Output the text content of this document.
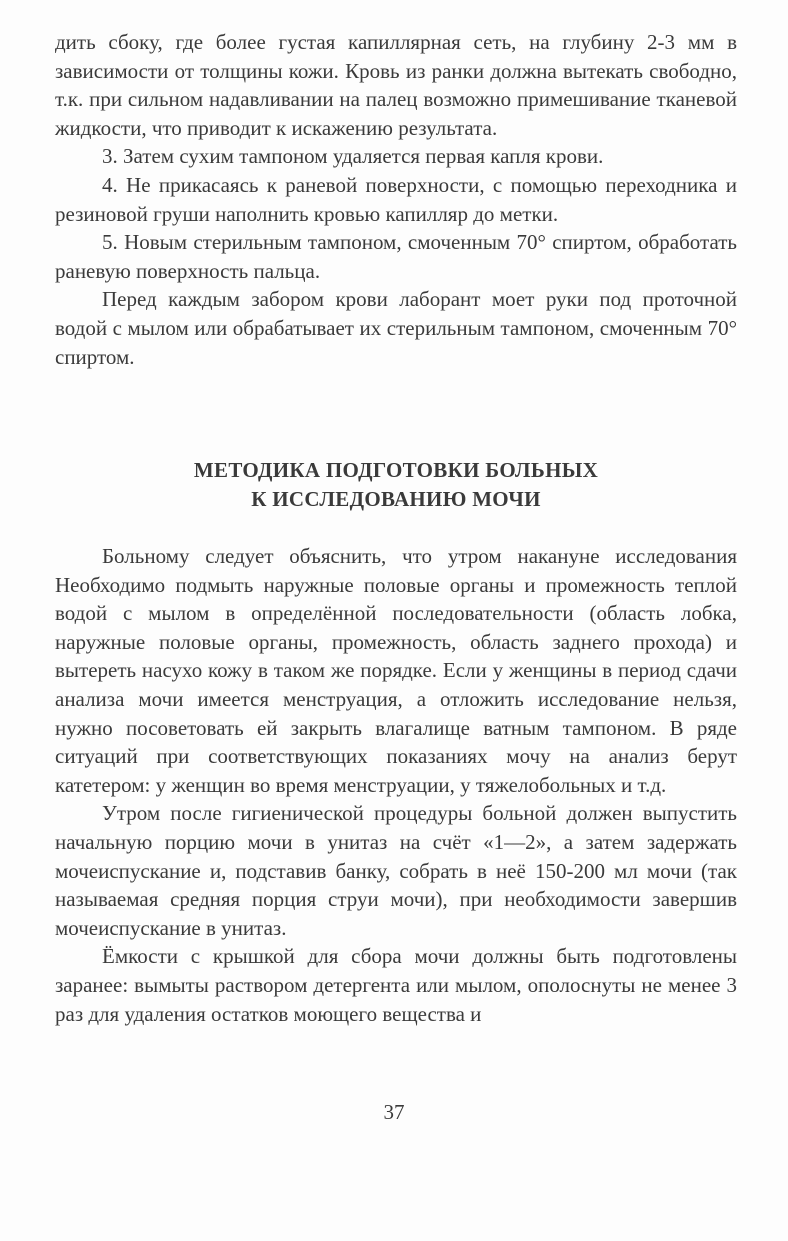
дить сбоку, где более густая капиллярная сеть, на глубину 2-3 мм в зависимости от толщины кожи. Кровь из ранки должна вытекать свободно, т.к. при сильном надавливании на палец возможно примешивание тканевой жидкости, что приводит к искажению результата.

3. Затем сухим тампоном удаляется первая капля крови.

4. Не прикасаясь к раневой поверхности, с помощью переходника и резиновой груши наполнить кровью капилляр до метки.

5. Новым стерильным тампоном, смоченным 70° спиртом, обработать раневую поверхность пальца.

Перед каждым забором крови лаборант моет руки под проточной водой с мылом или обрабатывает их стерильным тампоном, смоченным 70° спиртом.

МЕТОДИКА ПОДГОТОВКИ БОЛЬНЫХ
К ИССЛЕДОВАНИЮ МОЧИ

Больному следует объяснить, что утром накануне исследования Необходимо подмыть наружные половые органы и промежность теплой водой с мылом в определённой последовательности (область лобка, наружные половые органы, промежность, область заднего прохода) и вытереть насухо кожу в таком же порядке. Если у женщины в период сдачи анализа мочи имеется менструация, а отложить исследование нельзя, нужно посоветовать ей закрыть влагалище ватным тампоном. В ряде ситуаций при соответствующих показаниях мочу на анализ берут катетером: у женщин во время менструации, у тяжелобольных и т.д.

Утром после гигиенической процедуры больной должен выпустить начальную порцию мочи в унитаз на счёт «1—2», а затем задержать мочеиспускание и, подставив банку, собрать в неё 150-200 мл мочи (так называемая средняя порция струи мочи), при необходимости завершив мочеиспускание в унитаз.

Ёмкости с крышкой для сбора мочи должны быть подготовлены заранее: вымыты раствором детергента или мылом, ополоснуты не менее 3 раз для удаления остатков моющего вещества и

37
